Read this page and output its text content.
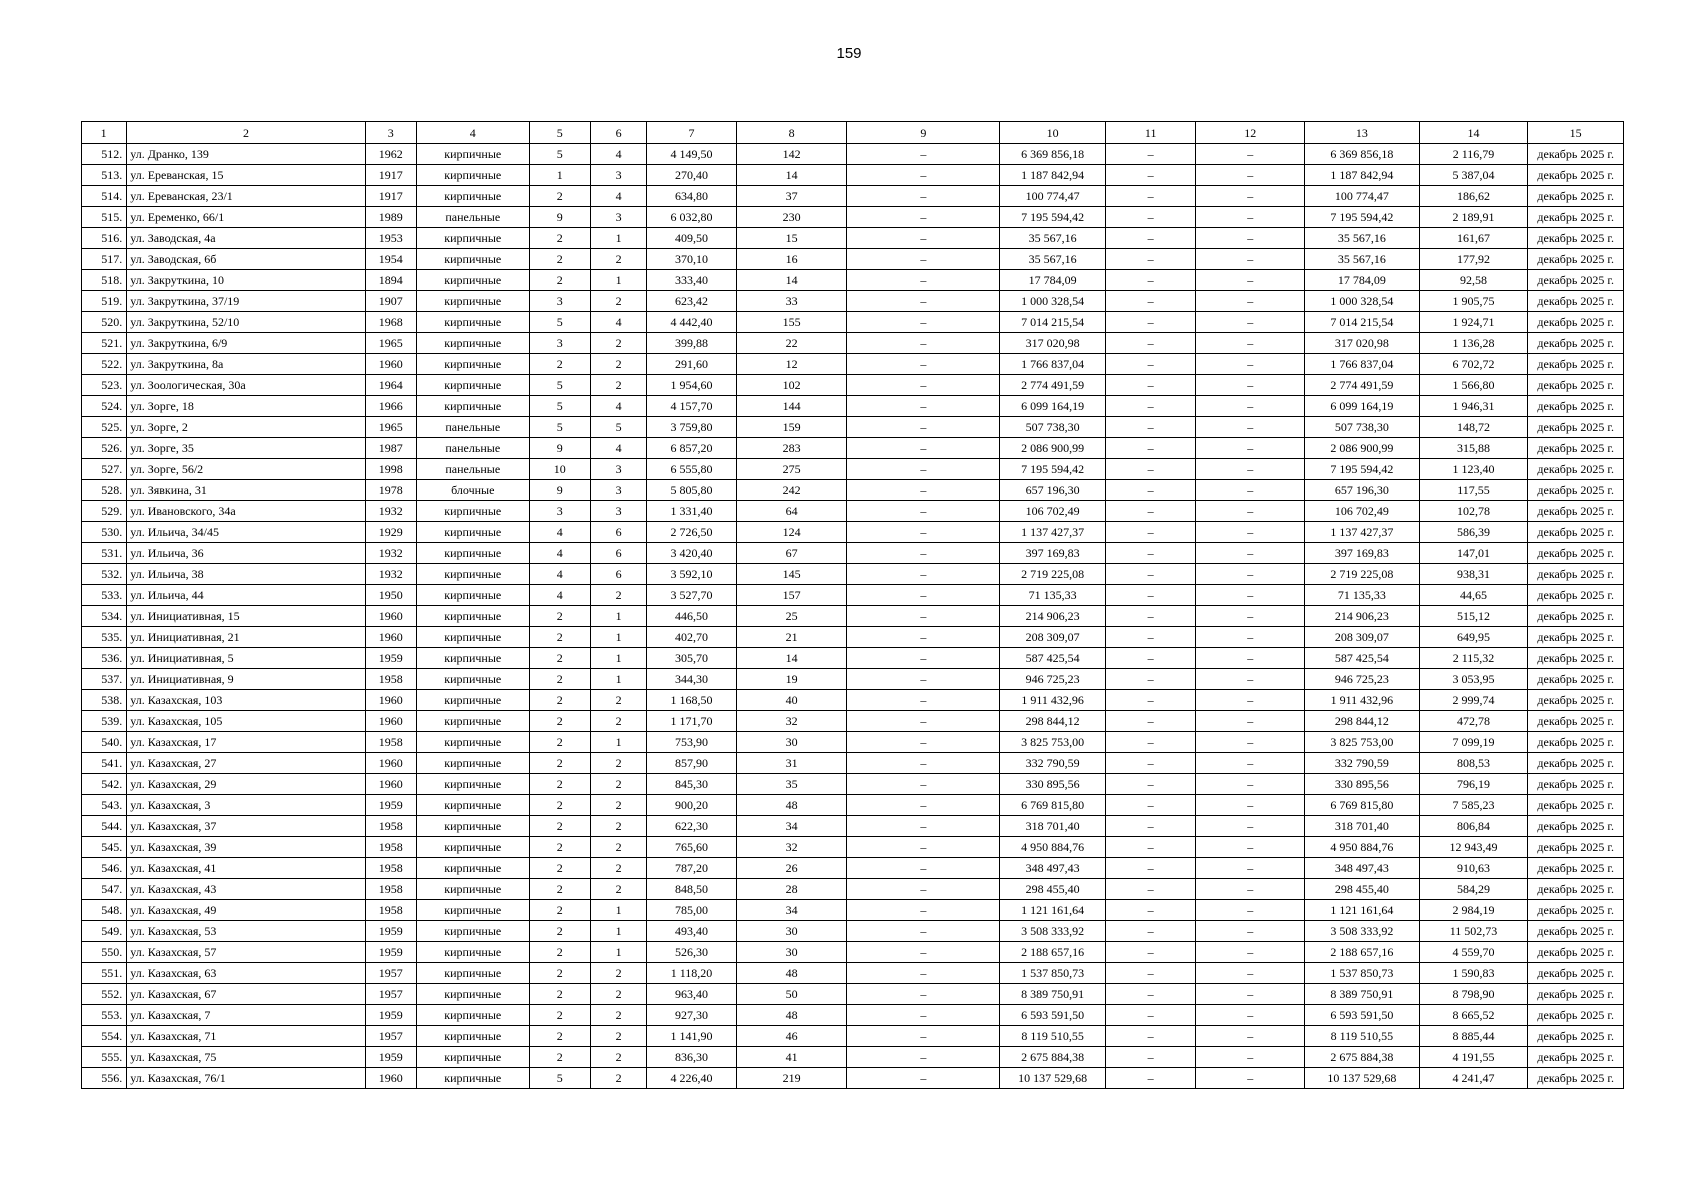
159
1	2	3	4	5	6	7	8	9	10	11	12	13	14	15
512.	ул. Дранко, 139	1962	кирпичные	5	4	4 149,50	142	–	6 369 856,18	–	–	6 369 856,18	2 116,79	декабрь 2025 г.
513.	ул. Ереванская, 15	1917	кирпичные	1	3	270,40	14	–	1 187 842,94	–	–	1 187 842,94	5 387,04	декабрь 2025 г.
514.	ул. Ереванская, 23/1	1917	кирпичные	2	4	634,80	37	–	100 774,47	–	–	100 774,47	186,62	декабрь 2025 г.
515.	ул. Еременко, 66/1	1989	панельные	9	3	6 032,80	230	–	7 195 594,42	–	–	7 195 594,42	2 189,91	декабрь 2025 г.
516.	ул. Заводская, 4а	1953	кирпичные	2	1	409,50	15	–	35 567,16	–	–	35 567,16	161,67	декабрь 2025 г.
517.	ул. Заводская, 6б	1954	кирпичные	2	2	370,10	16	–	35 567,16	–	–	35 567,16	177,92	декабрь 2025 г.
518.	ул. Закруткина, 10	1894	кирпичные	2	1	333,40	14	–	17 784,09	–	–	17 784,09	92,58	декабрь 2025 г.
519.	ул. Закруткина, 37/19	1907	кирпичные	3	2	623,42	33	–	1 000 328,54	–	–	1 000 328,54	1 905,75	декабрь 2025 г.
520.	ул. Закруткина, 52/10	1968	кирпичные	5	4	4 442,40	155	–	7 014 215,54	–	–	7 014 215,54	1 924,71	декабрь 2025 г.
521.	ул. Закруткина, 6/9	1965	кирпичные	3	2	399,88	22	–	317 020,98	–	–	317 020,98	1 136,28	декабрь 2025 г.
522.	ул. Закруткина, 8а	1960	кирпичные	2	2	291,60	12	–	1 766 837,04	–	–	1 766 837,04	6 702,72	декабрь 2025 г.
523.	ул. Зоологическая, 30а	1964	кирпичные	5	2	1 954,60	102	–	2 774 491,59	–	–	2 774 491,59	1 566,80	декабрь 2025 г.
524.	ул. Зорге, 18	1966	кирпичные	5	4	4 157,70	144	–	6 099 164,19	–	–	6 099 164,19	1 946,31	декабрь 2025 г.
525.	ул. Зорге, 2	1965	панельные	5	5	3 759,80	159	–	507 738,30	–	–	507 738,30	148,72	декабрь 2025 г.
526.	ул. Зорге, 35	1987	панельные	9	4	6 857,20	283	–	2 086 900,99	–	–	2 086 900,99	315,88	декабрь 2025 г.
527.	ул. Зорге, 56/2	1998	панельные	10	3	6 555,80	275	–	7 195 594,42	–	–	7 195 594,42	1 123,40	декабрь 2025 г.
528.	ул. Зявкина, 31	1978	блочные	9	3	5 805,80	242	–	657 196,30	–	–	657 196,30	117,55	декабрь 2025 г.
529.	ул. Ивановского, 34а	1932	кирпичные	3	3	1 331,40	64	–	106 702,49	–	–	106 702,49	102,78	декабрь 2025 г.
530.	ул. Ильича, 34/45	1929	кирпичные	4	6	2 726,50	124	–	1 137 427,37	–	–	1 137 427,37	586,39	декабрь 2025 г.
531.	ул. Ильича, 36	1932	кирпичные	4	6	3 420,40	67	–	397 169,83	–	–	397 169,83	147,01	декабрь 2025 г.
532.	ул. Ильича, 38	1932	кирпичные	4	6	3 592,10	145	–	2 719 225,08	–	–	2 719 225,08	938,31	декабрь 2025 г.
533.	ул. Ильича, 44	1950	кирпичные	4	2	3 527,70	157	–	71 135,33	–	–	71 135,33	44,65	декабрь 2025 г.
534.	ул. Инициативная, 15	1960	кирпичные	2	1	446,50	25	–	214 906,23	–	–	214 906,23	515,12	декабрь 2025 г.
535.	ул. Инициативная, 21	1960	кирпичные	2	1	402,70	21	–	208 309,07	–	–	208 309,07	649,95	декабрь 2025 г.
536.	ул. Инициативная, 5	1959	кирпичные	2	1	305,70	14	–	587 425,54	–	–	587 425,54	2 115,32	декабрь 2025 г.
537.	ул. Инициативная, 9	1958	кирпичные	2	1	344,30	19	–	946 725,23	–	–	946 725,23	3 053,95	декабрь 2025 г.
538.	ул. Казахская, 103	1960	кирпичные	2	2	1 168,50	40	–	1 911 432,96	–	–	1 911 432,96	2 999,74	декабрь 2025 г.
539.	ул. Казахская, 105	1960	кирпичные	2	2	1 171,70	32	–	298 844,12	–	–	298 844,12	472,78	декабрь 2025 г.
540.	ул. Казахская, 17	1958	кирпичные	2	1	753,90	30	–	3 825 753,00	–	–	3 825 753,00	7 099,19	декабрь 2025 г.
541.	ул. Казахская, 27	1960	кирпичные	2	2	857,90	31	–	332 790,59	–	–	332 790,59	808,53	декабрь 2025 г.
542.	ул. Казахская, 29	1960	кирпичные	2	2	845,30	35	–	330 895,56	–	–	330 895,56	796,19	декабрь 2025 г.
543.	ул. Казахская, 3	1959	кирпичные	2	2	900,20	48	–	6 769 815,80	–	–	6 769 815,80	7 585,23	декабрь 2025 г.
544.	ул. Казахская, 37	1958	кирпичные	2	2	622,30	34	–	318 701,40	–	–	318 701,40	806,84	декабрь 2025 г.
545.	ул. Казахская, 39	1958	кирпичные	2	2	765,60	32	–	4 950 884,76	–	–	4 950 884,76	12 943,49	декабрь 2025 г.
546.	ул. Казахская, 41	1958	кирпичные	2	2	787,20	26	–	348 497,43	–	–	348 497,43	910,63	декабрь 2025 г.
547.	ул. Казахская, 43	1958	кирпичные	2	2	848,50	28	–	298 455,40	–	–	298 455,40	584,29	декабрь 2025 г.
548.	ул. Казахская, 49	1958	кирпичные	2	1	785,00	34	–	1 121 161,64	–	–	1 121 161,64	2 984,19	декабрь 2025 г.
549.	ул. Казахская, 53	1959	кирпичные	2	1	493,40	30	–	3 508 333,92	–	–	3 508 333,92	11 502,73	декабрь 2025 г.
550.	ул. Казахская, 57	1959	кирпичные	2	1	526,30	30	–	2 188 657,16	–	–	2 188 657,16	4 559,70	декабрь 2025 г.
551.	ул. Казахская, 63	1957	кирпичные	2	2	1 118,20	48	–	1 537 850,73	–	–	1 537 850,73	1 590,83	декабрь 2025 г.
552.	ул. Казахская, 67	1957	кирпичные	2	2	963,40	50	–	8 389 750,91	–	–	8 389 750,91	8 798,90	декабрь 2025 г.
553.	ул. Казахская, 7	1959	кирпичные	2	2	927,30	48	–	6 593 591,50	–	–	6 593 591,50	8 665,52	декабрь 2025 г.
554.	ул. Казахская, 71	1957	кирпичные	2	2	1 141,90	46	–	8 119 510,55	–	–	8 119 510,55	8 885,44	декабрь 2025 г.
555.	ул. Казахская, 75	1959	кирпичные	2	2	836,30	41	–	2 675 884,38	–	–	2 675 884,38	4 191,55	декабрь 2025 г.
556.	ул. Казахская, 76/1	1960	кирпичные	5	2	4 226,40	219	–	10 137 529,68	–	–	10 137 529,68	4 241,47	декабрь 2025 г.
